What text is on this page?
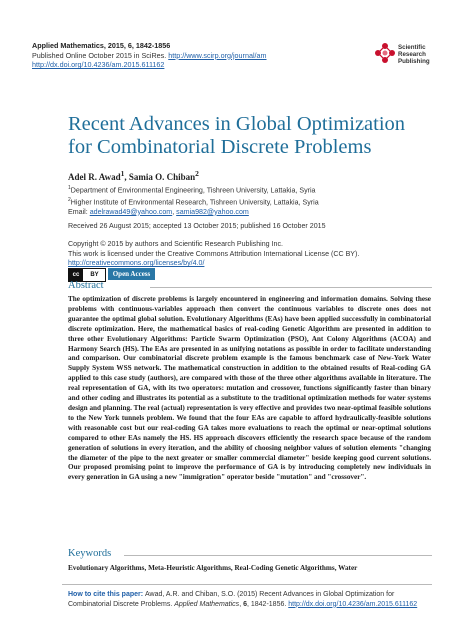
Applied Mathematics, 2015, 6, 1842-1856
Published Online October 2015 in SciRes. http://www.scirp.org/journal/am
http://dx.doi.org/10.4236/am.2015.611162
Scientific
Research
Publishing
Recent Advances in Global Optimization for Combinatorial Discrete Problems
Adel R. Awad$^1$, Samia O. Chiban$^2$
$^1$Department of Environmental Engineering, Tishreen University, Lattakia, Syria
$^2$Higher Institute of Environmental Research, Tishreen University, Lattakia, Syria
Email: adelrawad49@yahoo.com, samia982@yahoo.com
Received 26 August 2015; accepted 13 October 2015; published 16 October 2015
Copyright © 2015 by authors and Scientific Research Publishing Inc.
This work is licensed under the Creative Commons Attribution International License (CC BY).
http://creativecommons.org/licenses/by/4.0/
cc	BY	Open Access
Abstract
The optimization of discrete problems is largely encountered in engineering and information domains. Solving these problems with continuous-variables approach then convert the continuous variables to discrete ones does not guarantee the optimal global solution. Evolutionary Algorithms (EAs) have been applied successfully in combinatorial discrete optimization. Here, the mathematical basics of real-coding Genetic Algorithm are presented in addition to three other Evolutionary Algorithms: Particle Swarm Optimization (PSO), Ant Colony Algorithms (ACOA) and Harmony Search (HS). The EAs are presented in as unifying notations as possible in order to facilitate understanding and comparison. Our combinatorial discrete problem example is the famous benchmark case of New-York Water Supply System WSS network. The mathematical construction in addition to the obtained results of Real-coding GA applied to this case study (authors), are compared with those of the three other algorithms available in literature. The real representation of GA, with its two operators: mutation and crossover, functions significantly faster than binary and other coding and illustrates its potential as a substitute to the traditional optimization methods for water systems design and planning. The real (actual) representation is very effective and provides two near-optimal feasible solutions to the New York tunnels problem. We found that the four EAs are capable to afford hydraulically-feasible solutions with reasonable cost but our real-coding GA takes more evaluations to reach the optimal or near-optimal solutions compared to other EAs namely the HS. HS approach discovers efficiently the research space because of the random generation of solutions in every iteration, and the ability of choosing neighbor values of solution elements "changing the diameter of the pipe to the next greater or smaller commercial diameter" beside keeping good current solutions. Our proposed promising point to improve the performance of GA is by introducing completely new individuals in every generation in GA using a new "immigration" operator beside "mutation" and "crossover".
Keywords
Evolutionary Algorithms, Meta-Heuristic Algorithms, Real-Coding Genetic Algorithms, Water
How to cite this paper: Awad, A.R. and Chiban, S.O. (2015) Recent Advances in Global Optimization for Combinatorial Discrete Problems. Applied Mathematics, 6, 1842-1856. http://dx.doi.org/10.4236/am.2015.611162
